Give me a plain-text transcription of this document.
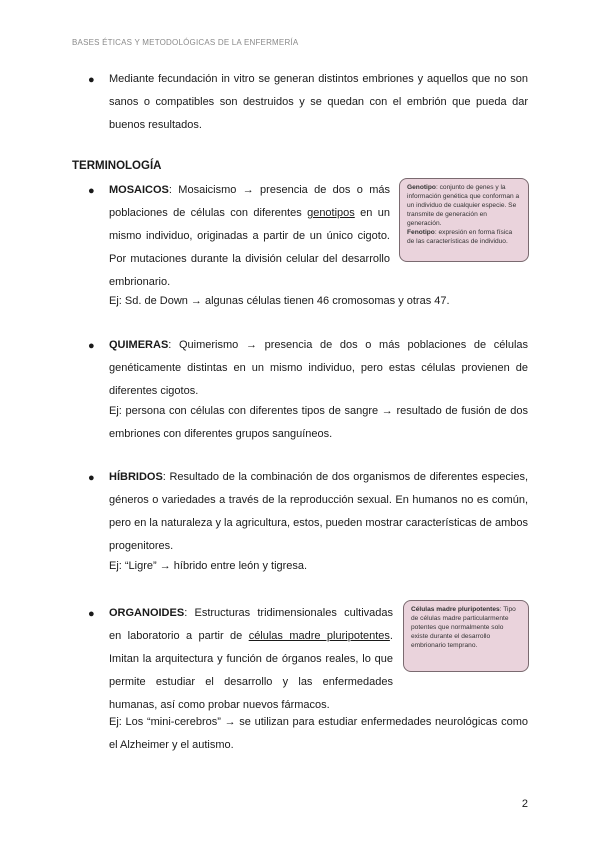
BASES ÉTICAS Y METODOLÓGICAS DE LA ENFERMERÍA
● Mediante fecundación in vitro se generan distintos embriones y aquellos que no son sanos o compatibles son destruidos y se quedan con el embrión que pueda dar buenos resultados.
TERMINOLOGÍA
● MOSAICOS: Mosaicismo → presencia de dos o más poblaciones de células con diferentes genotipos en un mismo individuo, originadas a partir de un único cigoto. Por mutaciones durante la división celular del desarrollo embrionario.
Ej: Sd. de Down → algunas células tienen 46 cromosomas y otras 47.
Genotipo: conjunto de genes y la información genética que conforman a un individuo de cualquier especie. Se transmite de generación en generación.
Fenotipo: expresión en forma física de las características de individuo.
● QUIMERAS: Quimerismo → presencia de dos o más poblaciones de células genéticamente distintas en un mismo individuo, pero estas células provienen de diferentes cigotos.
Ej: persona con células con diferentes tipos de sangre → resultado de fusión de dos embriones con diferentes grupos sanguíneos.
● HÍBRIDOS: Resultado de la combinación de dos organismos de diferentes especies, géneros o variedades a través de la reproducción sexual. En humanos no es común, pero en la naturaleza y la agricultura, estos, pueden mostrar características de ambos progenitores.
Ej: “Ligre” → híbrido entre león y tigresa.
● ORGANOIDES: Estructuras tridimensionales cultivadas en laboratorio a partir de células madre pluripotentes. Imitan la arquitectura y función de órganos reales, lo que permite estudiar el desarrollo y las enfermedades humanas, así como probar nuevos fármacos.
Ej: Los “mini-cerebros” → se utilizan para estudiar enfermedades neurológicas como el Alzheimer y el autismo.
Células madre pluripotentes: Tipo de células madre particularmente potentes que normalmente solo existe durante el desarrollo embrionario temprano.
2
